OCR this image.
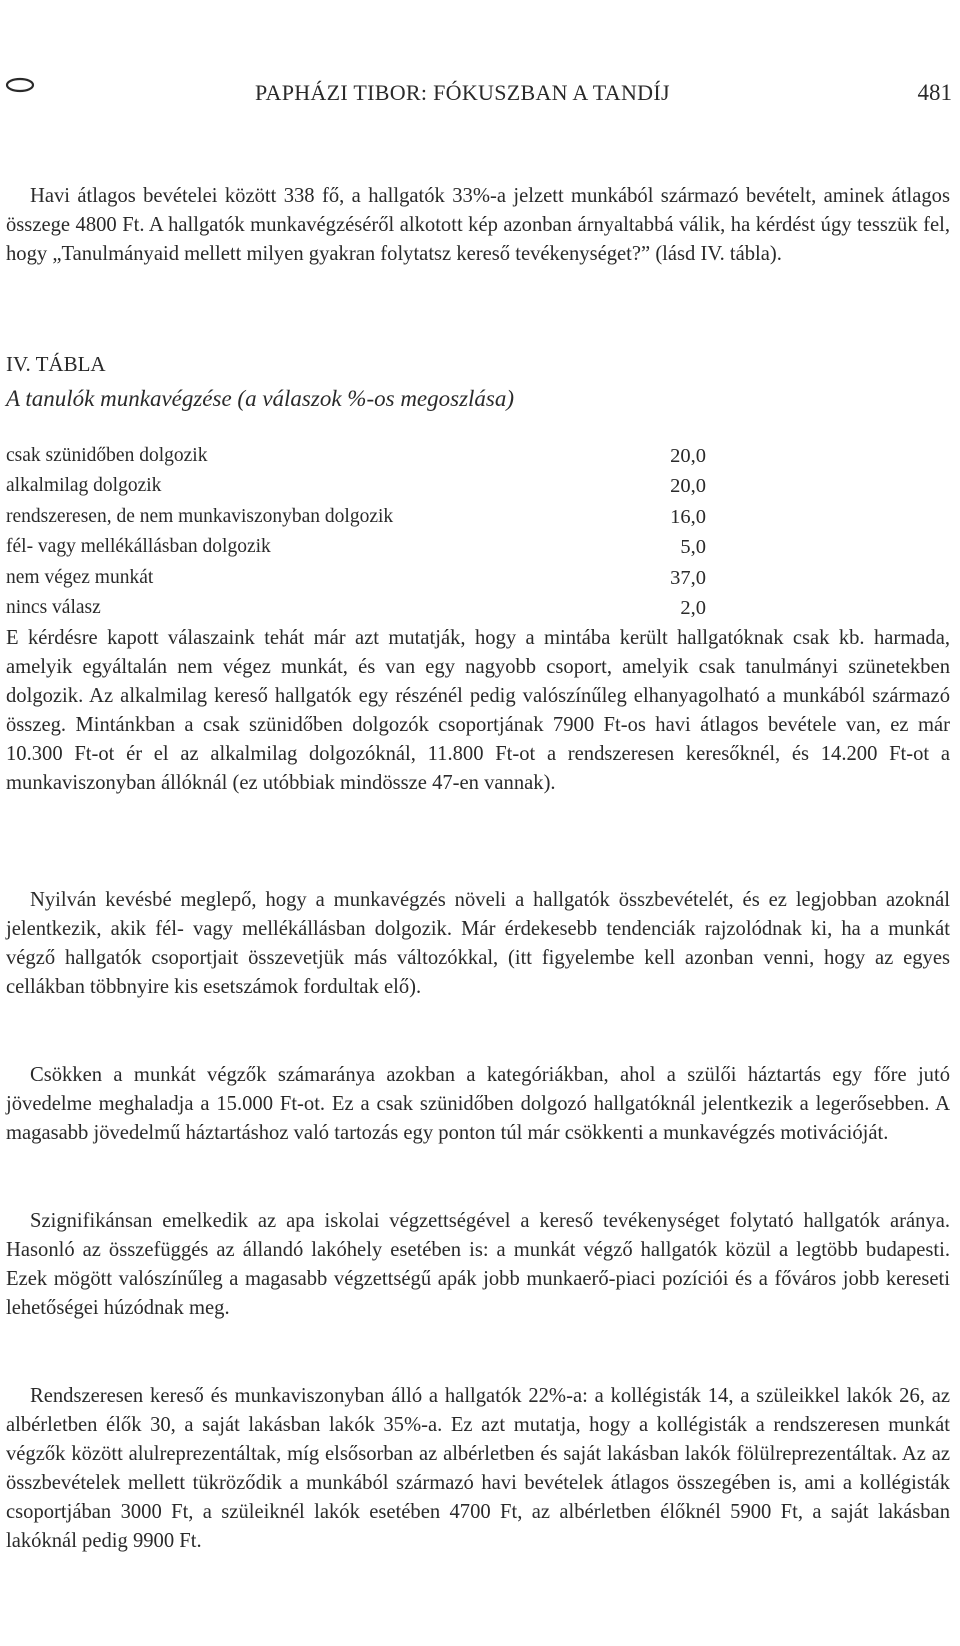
PAPHÁZI TIBOR: FÓKUSZBAN A TANDÍJ	481

Havi átlagos bevételei között 338 fő, a hallgatók 33%-a jelzett munkából származó bevételt, aminek átlagos összege 4800 Ft. A hallgatók munkavégzéséről alkotott kép azonban árnyaltabbá válik, ha kérdést úgy tesszük fel, hogy „Tanulmányaid mellett milyen gyakran folytatsz kereső tevékenységet?” (lásd IV. tábla).

IV. TÁBLA
A tanulók munkavégzése (a válaszok %-os megoszlása)
csak szünidőben dolgozik	20,0
alkalmilag dolgozik	20,0
rendszeresen, de nem munkaviszonyban dolgozik	16,0
fél- vagy mellékállásban dolgozik	5,0
nem végez munkát	37,0
nincs válasz	2,0

E kérdésre kapott válaszaink tehát már azt mutatják, hogy a mintába került hallgatóknak csak kb. harmada, amelyik egyáltalán nem végez munkát, és van egy nagyobb csoport, amelyik csak tanulmányi szünetekben dolgozik. Az alkalmilag kereső hallgatók egy részénél pedig valószínűleg elhanyagolható a munkából származó összeg. Mintánkban a csak szünidőben dolgozók csoportjának 7900 Ft-os havi átlagos bevétele van, ez már 10.300 Ft-ot ér el az alkalmilag dolgozóknál, 11.800 Ft-ot a rendszeresen keresőknél, és 14.200 Ft-ot a munkaviszonyban állóknál (ez utóbbiak mindössze 47-en vannak).

Nyilván kevésbé meglepő, hogy a munkavégzés növeli a hallgatók összbevételét, és ez legjobban azoknál jelentkezik, akik fél- vagy mellékállásban dolgozik. Már érdekesebb tendenciák rajzolódnak ki, ha a munkát végző hallgatók csoportjait összevetjük más változókkal, (itt figyelembe kell azonban venni, hogy az egyes cellákban többnyire kis esetszámok fordultak elő).

Csökken a munkát végzők számaránya azokban a kategóriákban, ahol a szülői háztartás egy főre jutó jövedelme meghaladja a 15.000 Ft-ot. Ez a csak szünidőben dolgozó hallgatóknál jelentkezik a legerősebben. A magasabb jövedelmű háztartáshoz való tartozás egy ponton túl már csökkenti a munkavégzés motivációját.

Szignifikánsan emelkedik az apa iskolai végzettségével a kereső tevékenységet folytató hallgatók aránya. Hasonló az összefüggés az állandó lakóhely esetében is: a munkát végző hallgatók közül a legtöbb budapesti. Ezek mögött valószínűleg a magasabb végzettségű apák jobb munkaerő-piaci pozíciói és a főváros jobb kereseti lehetőségei húzódnak meg.

Rendszeresen kereső és munkaviszonyban álló a hallgatók 22%-a: a kollégisták 14, a szüleikkel lakók 26, az albérletben élők 30, a saját lakásban lakók 35%-a. Ez azt mutatja, hogy a kollégisták a rendszeresen munkát végzők között alulreprezentáltak, míg elsősorban az albérletben és saját lakásban lakók fölülreprezentáltak. Az az összbevételek mellett tükröződik a munkából származó havi bevételek átlagos összegében is, ami a kollégisták csoportjában 3000 Ft, a szüleiknél lakók esetében 4700 Ft, az albérletben élőknél 5900 Ft, a saját lakásban lakóknál pedig 9900 Ft.
